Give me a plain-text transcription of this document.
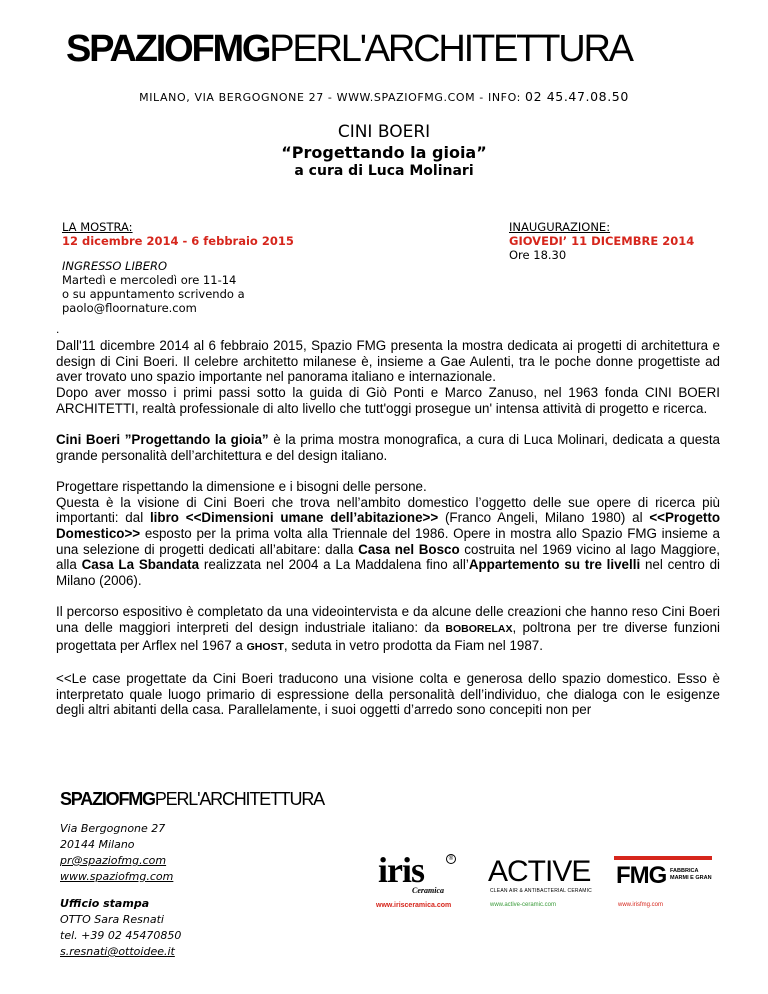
SPAZIOFMGPERL'ARCHITETTURA
MILANO, VIA BERGOGNONE 27 - WWW.SPAZIOFMG.COM - INFO: 02 45.47.08.50
CINI BOERI
“Progettando la gioia”
a cura di Luca Molinari
LA MOSTRA:
12 dicembre 2014 - 6 febbraio 2015
INGRESSO LIBERO
Martedì e mercoledì ore 11-14
o su appuntamento scrivendo a
paolo@floornature.com
INAUGURAZIONE:
GIOVEDI’ 11 DICEMBRE 2014
Ore 18.30
.

Dall'11 dicembre 2014 al 6 febbraio 2015, Spazio FMG presenta la mostra dedicata ai progetti di architettura e design di Cini Boeri. Il celebre architetto milanese è, insieme a Gae Aulenti, tra le poche donne progettiste ad aver trovato uno spazio importante nel panorama italiano e internazionale.

Dopo aver mosso i primi passi sotto la guida di Giò Ponti e Marco Zanuso, nel 1963 fonda CINI BOERI ARCHITETTI, realtà professionale di alto livello che tutt'oggi prosegue un' intensa attività di progetto e ricerca.

Cini Boeri ”Progettando la gioia” è la prima mostra monografica, a cura di Luca Molinari, dedicata a questa grande personalità dell’architettura e del design italiano.

Progettare rispettando la dimensione e i bisogni delle persone.
Questa è la visione di Cini Boeri che trova nell’ambito domestico l’oggetto delle sue opere di ricerca più importanti: dal libro <<Dimensioni umane dell’abitazione>> (Franco Angeli, Milano 1980) al <<Progetto Domestico>> esposto per la prima volta alla Triennale del 1986. Opere in mostra allo Spazio FMG insieme a una selezione di progetti dedicati all’abitare: dalla Casa nel Bosco costruita nel 1969 vicino al lago Maggiore, alla Casa La Sbandata realizzata nel 2004 a La Maddalena fino all’Appartemento su tre livelli nel centro di Milano (2006).

Il percorso espositivo è completato da una videointervista e da alcune delle creazioni che hanno reso Cini Boeri una delle maggiori interpreti del design industriale italiano: da BOBORELAX, poltrona per tre diverse funzioni progettata per Arflex nel 1967 a GHOST, seduta in vetro prodotta da Fiam nel 1987.

<<Le case progettate da Cini Boeri traducono una visione colta e generosa dello spazio domestico. Esso è interpretato quale luogo primario di espressione della personalità dell’individuo, che dialoga con le esigenze degli altri abitanti della casa. Parallelamente, i suoi oggetti d’arredo sono concepiti non per

SPAZIOFMGPERL'ARCHITETTURA
Via Bergognone 27
20144 Milano
pr@spaziofmg.com
www.spaziofmg.com
Ufficio stampa
OTTO Sara Resnati
tel. +39 02 45470850
s.resnati@ottoidee.it
iris	®
Ceramica
www.irisceramica.com
ACTIVE
CLEAN AIR & ANTIBACTERIAL CERAMIC
www.active-ceramic.com
FMG FABBRICA
MARMI E GRAN
www.irisfmg.com
